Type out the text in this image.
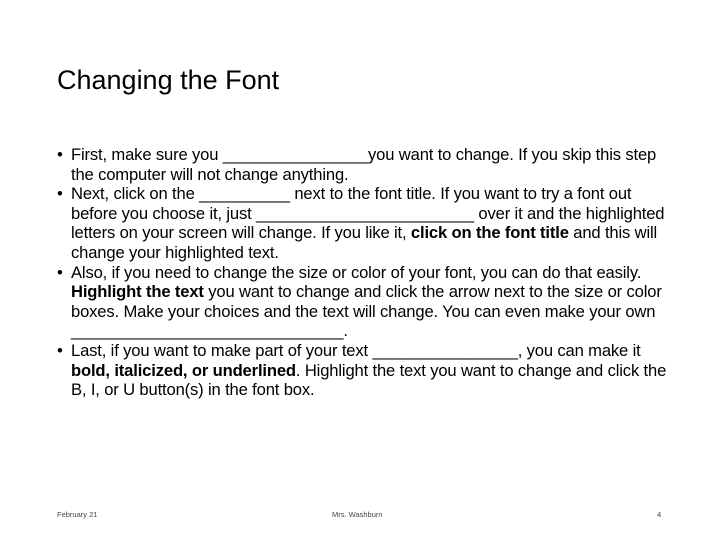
Changing the Font

• First, make sure you ________________you want to change. If you skip this step the computer will not change anything.

• Next, click on the __________ next to the font title. If you want to try a font out before you choose it, just ________________________ over it and the highlighted letters on your screen will change. If you like it, click on the font title and this will change your highlighted text.

• Also, if you need to change the size or color of your font, you can do that easily. Highlight the text you want to change and click the arrow next to the size or color boxes. Make your choices and the text will change. You can even make your own ______________________________.

• Last, if you want to make part of your text ________________, you can make it bold, italicized, or underlined. Highlight the text you want to change and click the B, I, or U button(s) in the font box.

February 21	Mrs. Washburn	4
